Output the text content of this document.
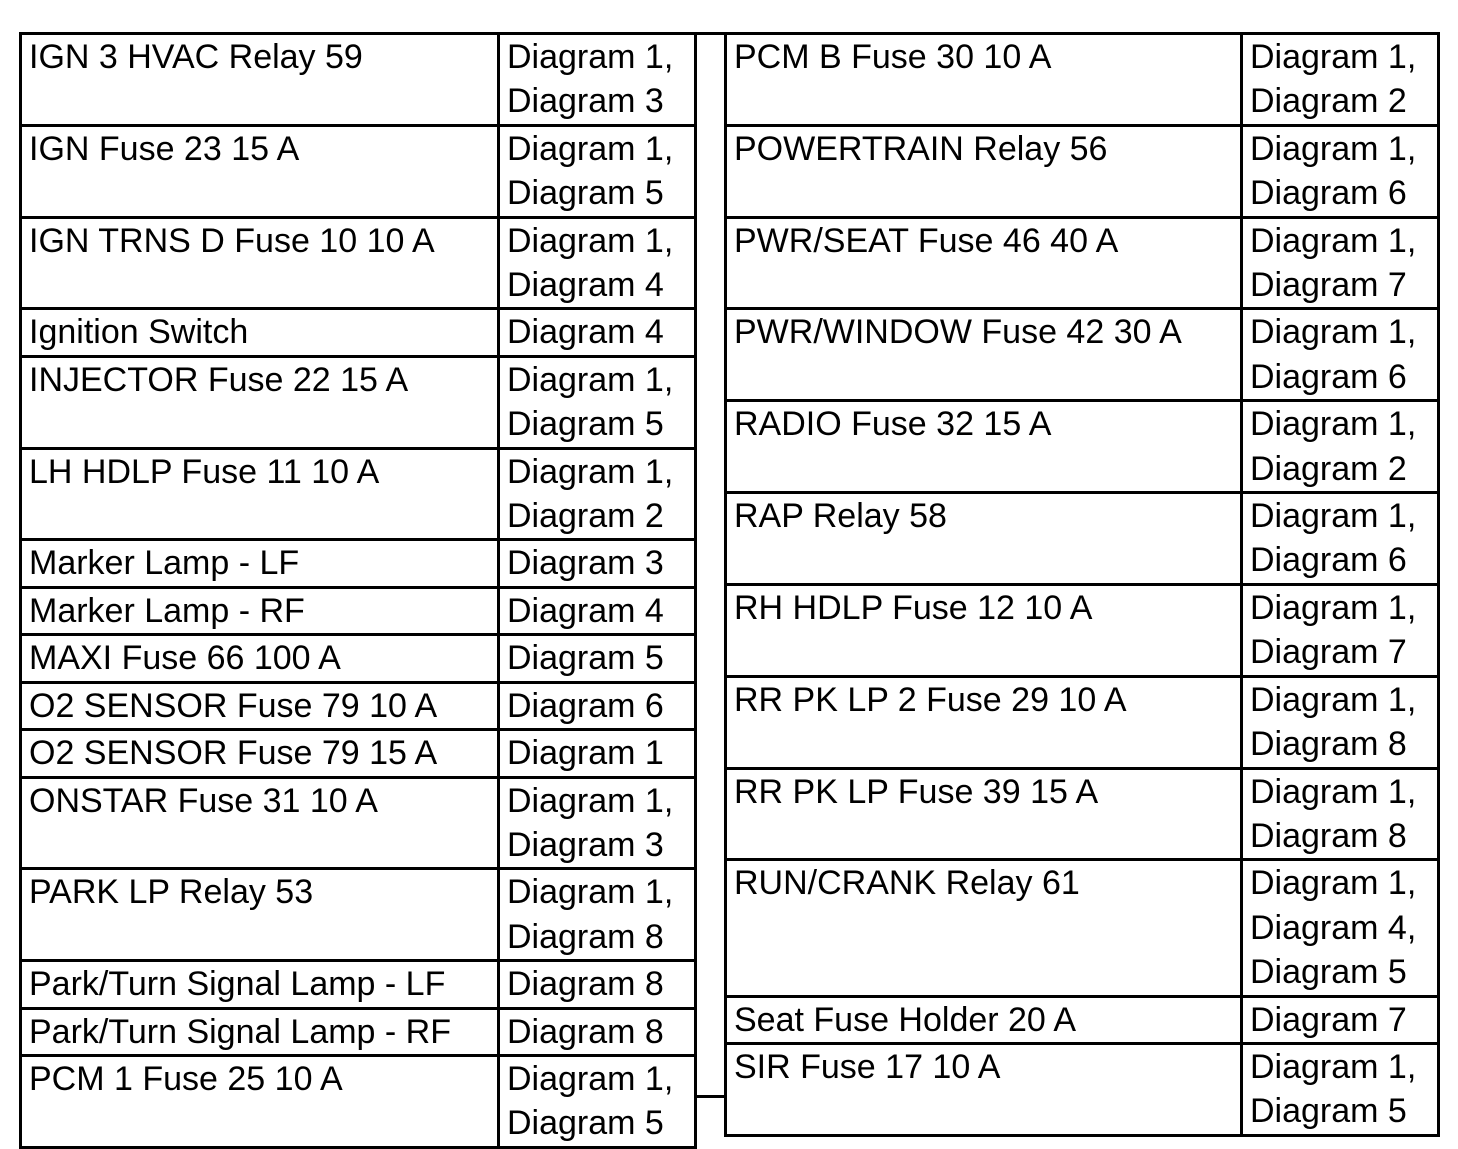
IGN 3 HVAC Relay 59	Diagram 1,
Diagram 3
IGN Fuse 23 15 A	Diagram 1,
Diagram 5
IGN TRNS D Fuse 10 10 A	Diagram 1,
Diagram 4
Ignition Switch	Diagram 4
INJECTOR Fuse 22 15 A	Diagram 1,
Diagram 5
LH HDLP Fuse 11 10 A	Diagram 1,
Diagram 2
Marker Lamp - LF	Diagram 3
Marker Lamp - RF	Diagram 4
MAXI Fuse 66 100 A	Diagram 5
O2 SENSOR Fuse 79 10 A	Diagram 6
O2 SENSOR Fuse 79 15 A	Diagram 1
ONSTAR Fuse 31 10 A	Diagram 1,
Diagram 3
PARK LP Relay 53	Diagram 1,
Diagram 8
Park/Turn Signal Lamp - LF	Diagram 8
Park/Turn Signal Lamp - RF	Diagram 8
PCM 1 Fuse 25 10 A	Diagram 1,
Diagram 5
PCM B Fuse 30 10 A	Diagram 1,
Diagram 2
POWERTRAIN Relay 56	Diagram 1,
Diagram 6
PWR/SEAT Fuse 46 40 A	Diagram 1,
Diagram 7
PWR/WINDOW Fuse 42 30 A	Diagram 1,
Diagram 6
RADIO Fuse 32 15 A	Diagram 1,
Diagram 2
RAP Relay 58	Diagram 1,
Diagram 6
RH HDLP Fuse 12 10 A	Diagram 1,
Diagram 7
RR PK LP 2 Fuse 29 10 A	Diagram 1,
Diagram 8
RR PK LP Fuse 39 15 A	Diagram 1,
Diagram 8
RUN/CRANK Relay 61	Diagram 1,
Diagram 4,
Diagram 5
Seat Fuse Holder 20 A	Diagram 7
SIR Fuse 17 10 A	Diagram 1,
Diagram 5
